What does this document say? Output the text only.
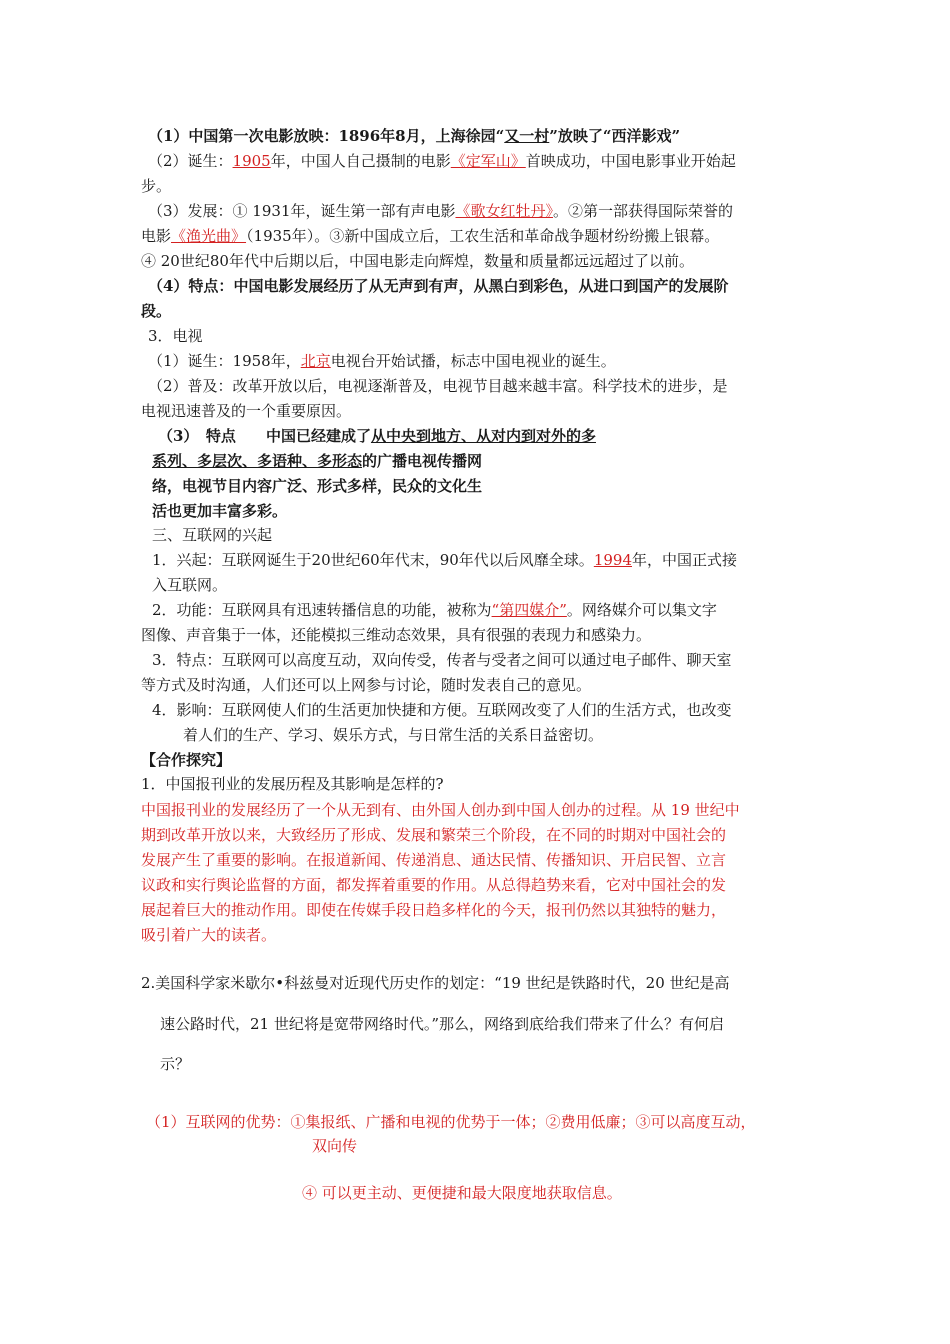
（1）中国第一次电影放映：1896年8月，上海徐园“又一村”放映了“西洋影戏”
（2）诞生：1905年，中国人自己摄制的电影《定军山》首映成功，中国电影事业开始起
步。
（3）发展：① 1931年，诞生第一部有声电影《歌女红牡丹》。②第一部获得国际荣誉的
电影《渔光曲》（1935年）。③新中国成立后，工农生活和革命战争题材纷纷搬上银幕。
④ 20世纪80年代中后期以后，中国电影走向辉煌，数量和质量都远远超过了以前。
（4）特点：中国电影发展经历了从无声到有声，从黑白到彩色，从进口到国产的发展阶
段。
3．电视
（1）诞生：1958年，北京电视台开始试播，标志中国电视业的诞生。
（2）普及：改革开放以后，电视逐渐普及，电视节目越来越丰富。科学技术的进步，是
电视迅速普及的一个重要原因。
（3）　特点　　中国已经建成了从中央到地方、从对内到对外的多
系列、多层次、多语种、多形态的广播电视传播网
络，电视节目内容广泛、形式多样，民众的文化生
活也更加丰富多彩。
三、互联网的兴起
1．兴起：互联网诞生于20世纪60年代末，90年代以后风靡全球。1994年，中国正式接
入互联网。
2．功能：互联网具有迅速转播信息的功能，被称为“第四媒介”。网络媒介可以集文字
图像、声音集于一体，还能模拟三维动态效果，具有很强的表现力和感染力。
3．特点：互联网可以高度互动，双向传受，传者与受者之间可以通过电子邮件、聊天室
等方式及时沟通，人们还可以上网参与讨论，随时发表自己的意见。
4．影响：互联网使人们的生活更加快捷和方便。互联网改变了人们的生活方式，也改变
着人们的生产、学习、娱乐方式，与日常生活的关系日益密切。
【合作探究】
1．中国报刊业的发展历程及其影响是怎样的?
中国报刊业的发展经历了一个从无到有、由外国人创办到中国人创办的过程。从 19 世纪中
期到改革开放以来，大致经历了形成、发展和繁荣三个阶段，在不同的时期对中国社会的
发展产生了重要的影响。在报道新闻、传递消息、通达民情、传播知识、开启民智、立言
议政和实行舆论监督的方面，都发挥着重要的作用。从总得趋势来看，它对中国社会的发
展起着巨大的推动作用。即使在传媒手段日趋多样化的今天，报刊仍然以其独特的魅力，
吸引着广大的读者。
2.美国科学家米歇尔•科兹曼对近现代历史作的划定：“19 世纪是铁路时代，20 世纪是高
速公路时代，21 世纪将是宽带网络时代。”那么，网络到底给我们带来了什么？有何启
示？
（1）互联网的优势：①集报纸、广播和电视的优势于一体；②费用低廉；③可以高度互动，
双向传
④ 可以更主动、更便捷和最大限度地获取信息。
